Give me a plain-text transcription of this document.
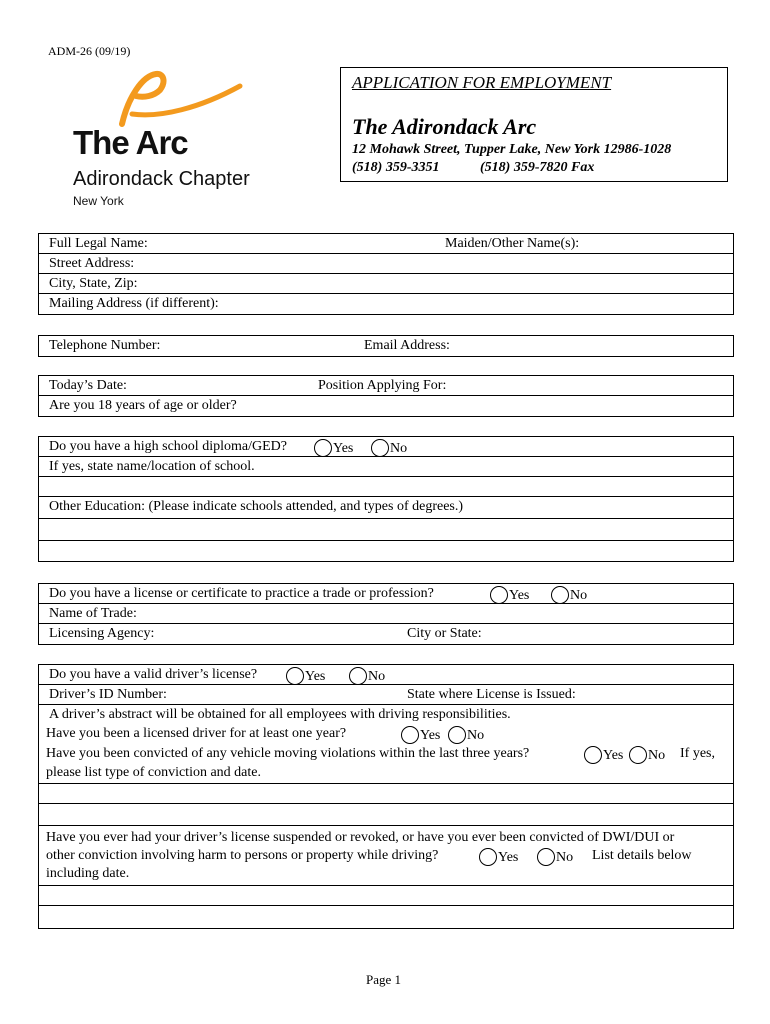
ADM-26 (09/19)
The Arc
Adirondack Chapter
New York
APPLICATION FOR EMPLOYMENT
The Adirondack Arc
12 Mohawk Street, Tupper Lake, New York 12986-1028
(518) 359-3351	(518) 359-7820 Fax
Full Legal Name:	Maiden/Other Name(s):
Street Address:
City, State, Zip:
Mailing Address (if different):
Telephone Number:	Email Address:
Today’s Date:	Position Applying For:
Are you 18 years of age or older?
Do you have a high school diploma/GED?	Yes	No
If yes, state name/location of school.
Other Education: (Please indicate schools attended, and types of degrees.)
Do you have a license or certificate to practice a trade or profession?	Yes	No
Name of Trade:
Licensing Agency:	City or State:
Do you have a valid driver’s license?	Yes	No
Driver’s ID Number:	State where License is Issued:
A driver’s abstract will be obtained for all employees with driving responsibilities.
Have you been a licensed driver for at least one year?	Yes	No
Have you been convicted of any vehicle moving violations within the last three years?	Yes	No If yes,
please list type of conviction and date.
Have you ever had your driver’s license suspended or revoked, or have you ever been convicted of DWI/DUI or
other conviction involving harm to persons or property while driving?	Yes	No List details below
including date.
Page 1
